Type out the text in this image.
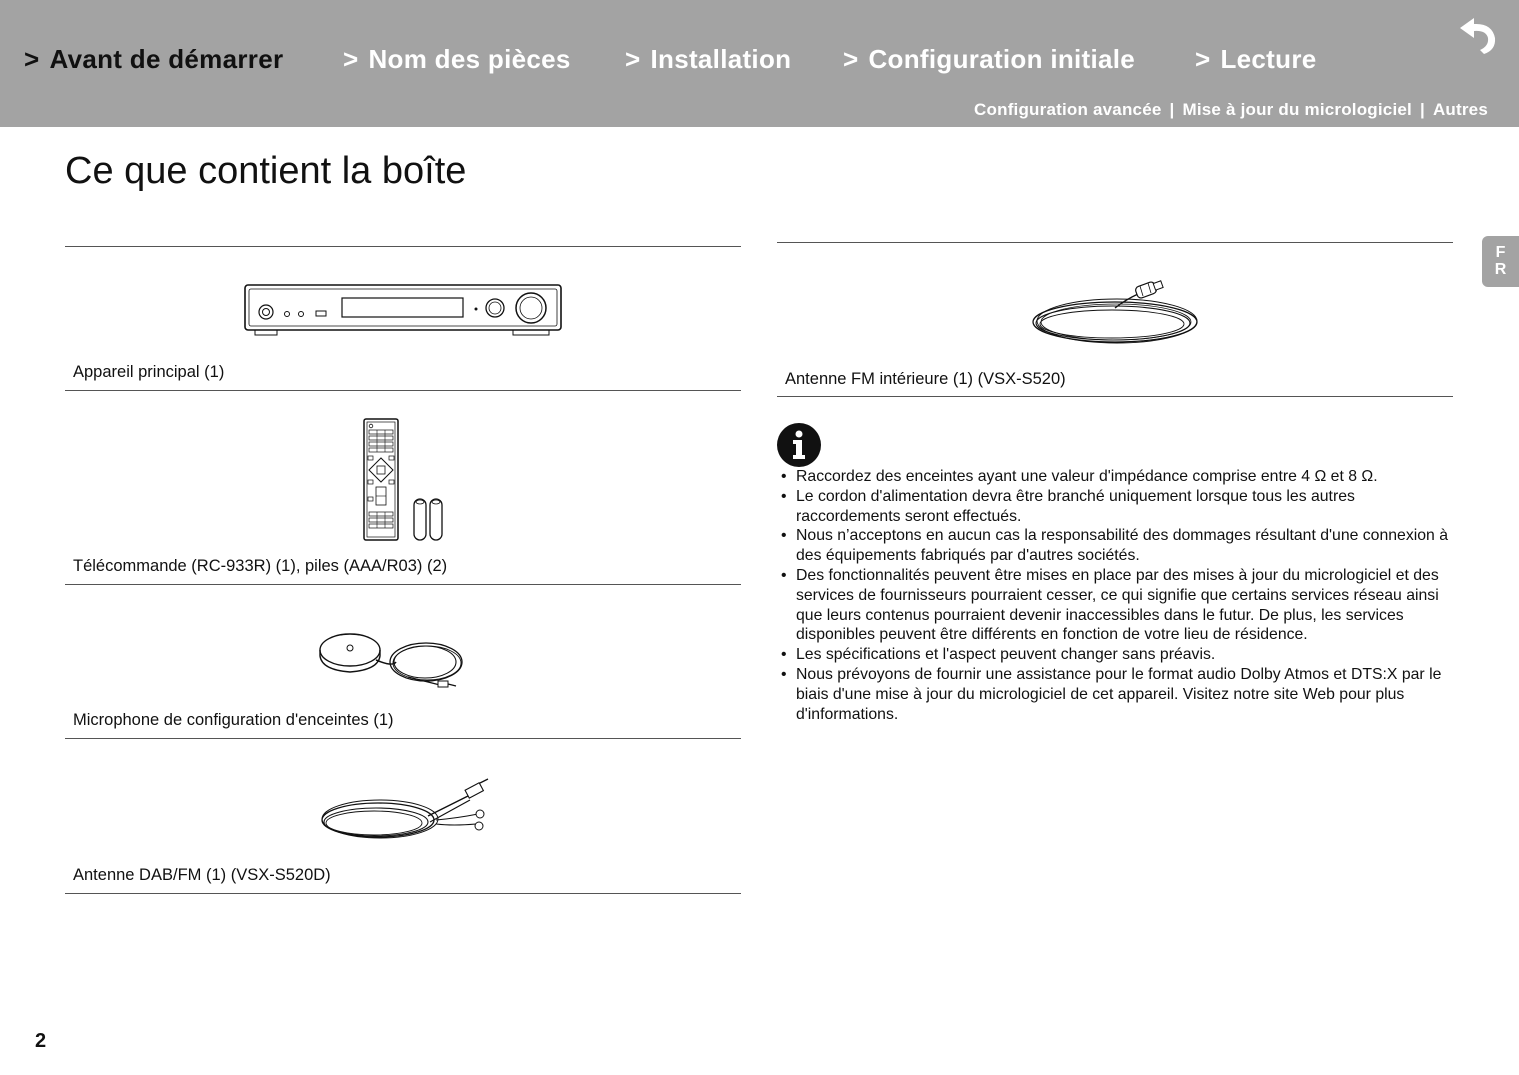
> Avant de démarrer > Nom des pièces > Installation > Configuration initiale > Lecture
Configuration avancée | Mise à jour du micrologiciel | Autres
Ce que contient la boîte
F
R
Appareil principal (1)
Télécommande (RC-933R) (1), piles (AAA/R03) (2)
Microphone de configuration d'enceintes (1)
Antenne DAB/FM (1) (VSX-S520D)
Antenne FM intérieure (1) (VSX-S520)
• Raccordez des enceintes ayant une valeur d'impédance comprise entre 4 Ω et 8 Ω.
• Le cordon d'alimentation devra être branché uniquement lorsque tous les autres raccordements seront effectués.
• Nous n’acceptons en aucun cas la responsabilité des dommages résultant d'une connexion à des équipements fabriqués par d'autres sociétés.
• Des fonctionnalités peuvent être mises en place par des mises à jour du micrologiciel et des services de fournisseurs pourraient cesser, ce qui signifie que certains services réseau ainsi que leurs contenus pourraient devenir inaccessibles dans le futur. De plus, les services disponibles peuvent être différents en fonction de votre lieu de résidence.
• Les spécifications et l'aspect peuvent changer sans préavis.
• Nous prévoyons de fournir une assistance pour le format audio Dolby Atmos et DTS:X par le biais d'une mise à jour du micrologiciel de cet appareil. Visitez notre site Web pour plus d'informations.
2
